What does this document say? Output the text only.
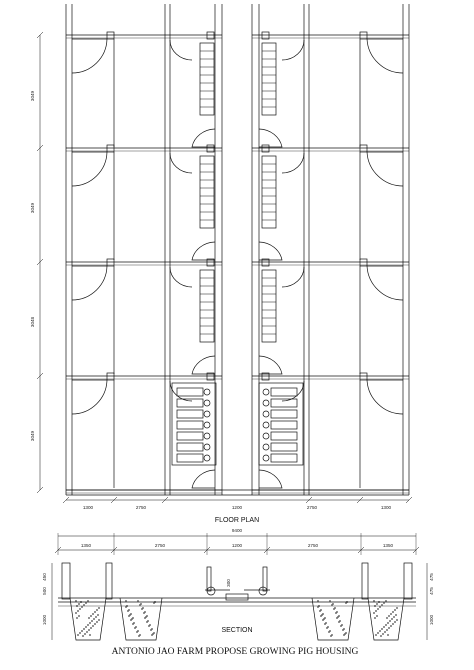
3049
3049
3048
3049
1300	2750	1200	2750	1300
FLOOR PLAN
9400
1350	2750	1200	2750	1350
450
500
1000
475
475
1000
300
SECTION
ANTONIO JAO FARM PROPOSE GROWING PIG HOUSING
